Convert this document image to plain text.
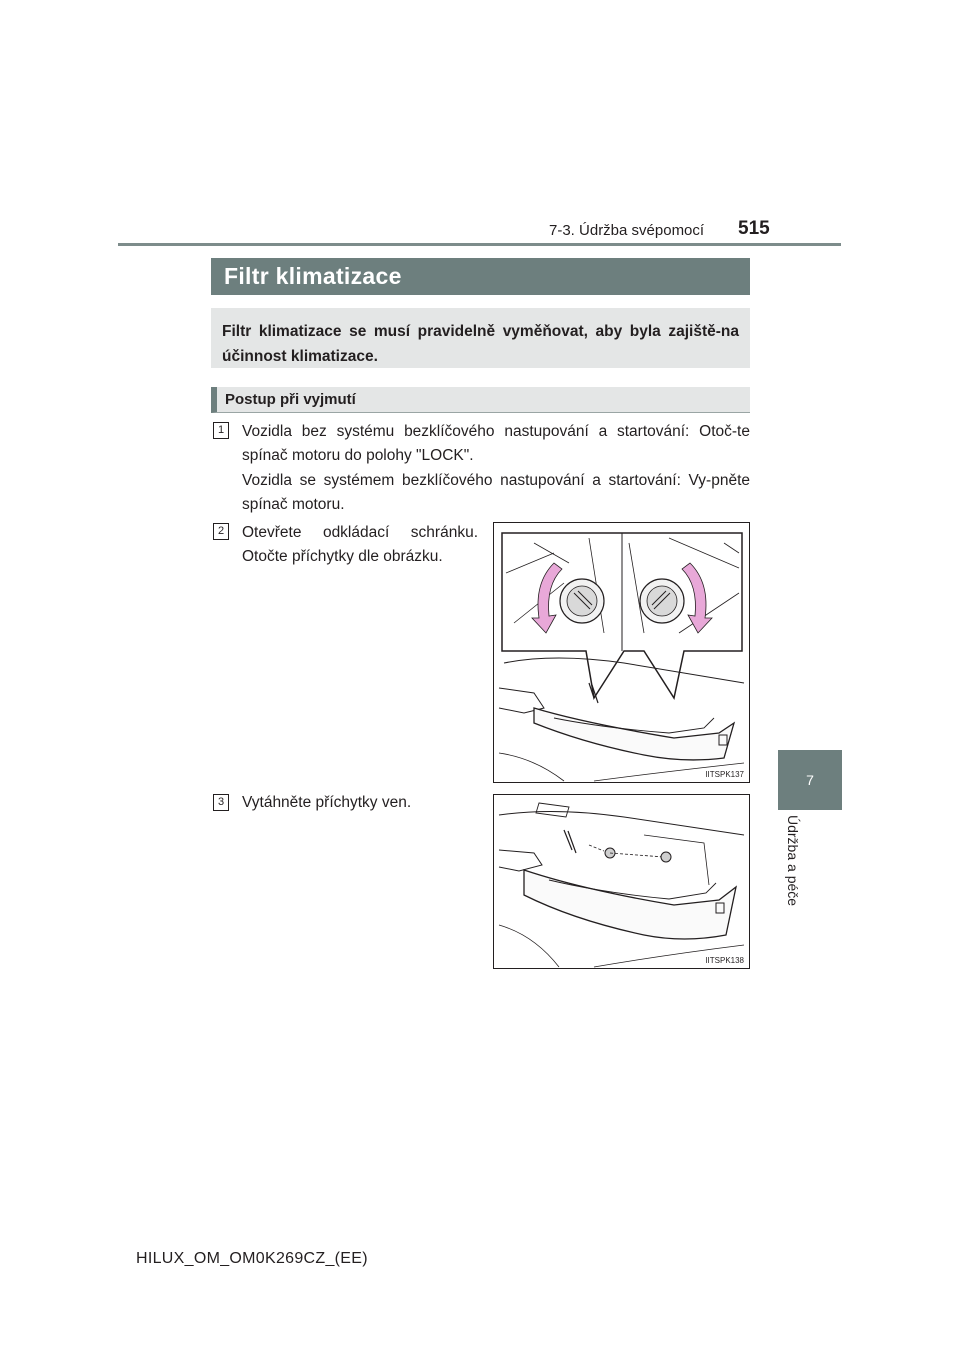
7-3. Údržba svépomocí 515
7
Údržba a péče
Filtr klimatizace
Filtr klimatizace se musí pravidelně vyměňovat, aby byla zajiště-na účinnost klimatizace.
Postup při vyjmutí
1	Vozidla bez systému bezklíčového nastupování a startování: Otoč-te spínač motoru do polohy "LOCK".
Vozidla se systémem bezklíčového nastupování a startování: Vy-pněte spínač motoru.
2	Otevřete odkládací schránku. Otočte příchytky dle obrázku.
IITSPK137
3	Vytáhněte příchytky ven.
IITSPK138
HILUX_OM_OM0K269CZ_(EE)
